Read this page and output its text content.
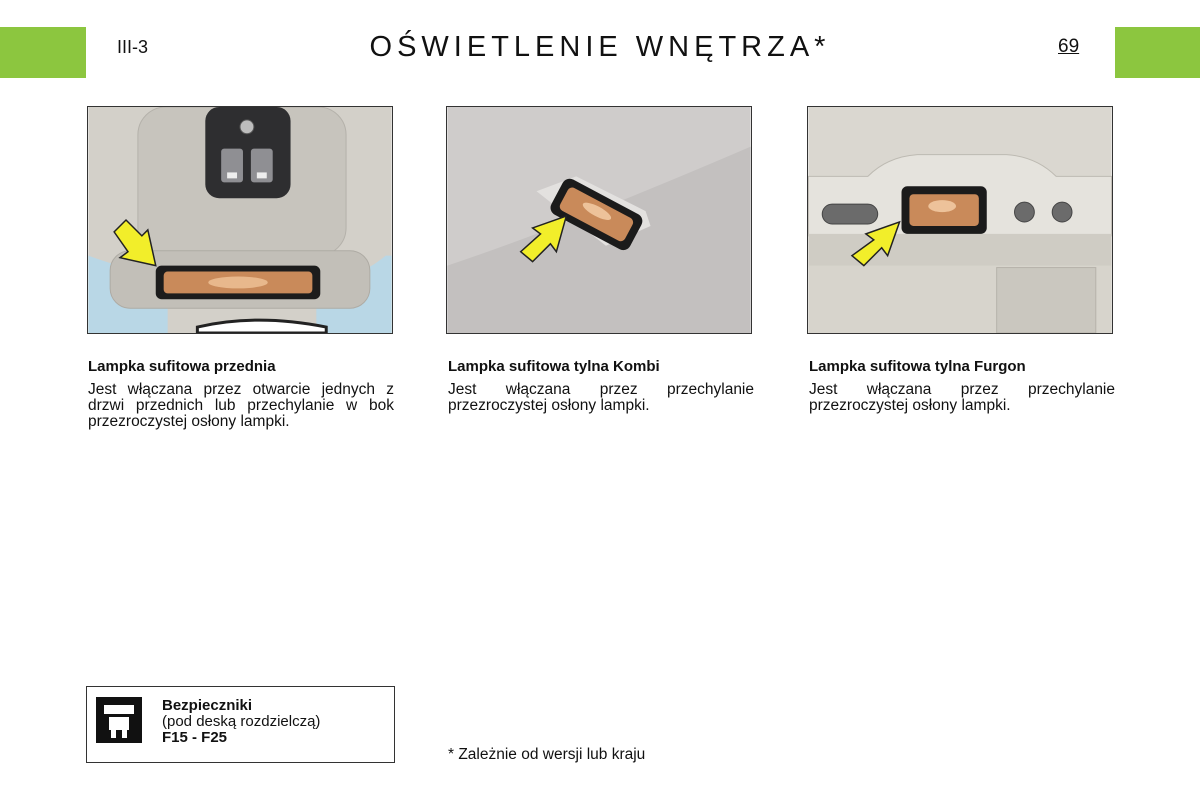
III-3	OŚWIETLENIE WNĘTRZA*	69
Lampka sufitowa przednia

Jest włączana przez otwarcie jednych z drzwi przednich lub przechylanie w bok przezroczystej osłony lampki.

Lampka sufitowa tylna Kombi

Jest włączana przez przechylanie przezroczystej osłony lampki.

Lampka sufitowa tylna Furgon

Jest włączana przez przechylanie przezroczystej osłony lampki.

Bezpieczniki
(pod deską rozdzielczą)
F15 - F25
* Zależnie od wersji lub kraju
